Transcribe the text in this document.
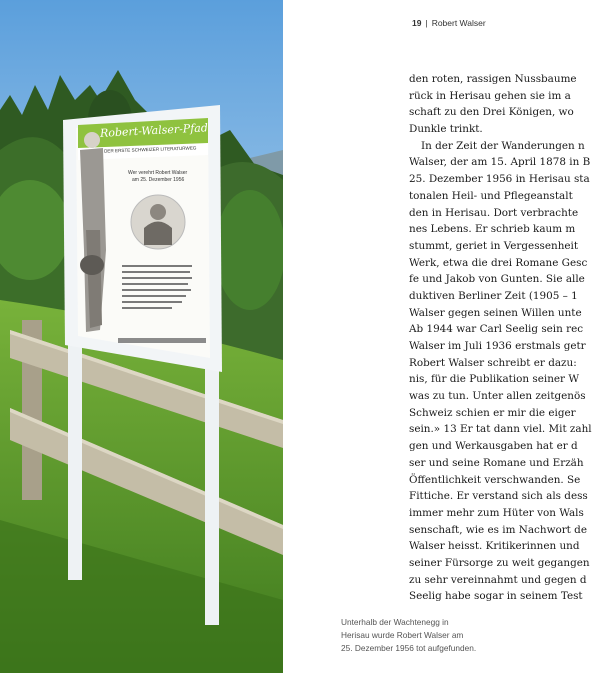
Robert-Walser-Pfad
DER ERSTE SCHWEIZER LITERATURWEG
Wer verehrt Robert Walser
am 25. Dezember 1956
19 | Robert Walser
den roten, rassigen Nussbaume
rück in Herisau gehen sie im a
schaft zu den Drei Königen, wo
Dunkle trinkt.
In der Zeit der Wanderungen n
Walser, der am 15. April 1878 in B
25. Dezember 1956 in Herisau sta
tonalen Heil- und Pflegeanstalt
den in Herisau. Dort verbrachte
nes Lebens. Er schrieb kaum m
stummt, geriet in Vergessenheit
Werk, etwa die drei Romane Gesc
fe und Jakob von Gunten. Sie alle
duktiven Berliner Zeit (1905 – 1
Walser gegen seinen Willen unte
Ab 1944 war Carl Seelig sein rec
Walser im Juli 1936 erstmals getr
Robert Walser schreibt er dazu:
nis, für die Publikation seiner W
was zu tun. Unter allen zeitgenös
Schweiz schien er mir die eiger
sein.» 13 Er tat dann viel. Mit zahl
gen und Werkausgaben hat er d
ser und seine Romane und Erzäh
Öffentlichkeit verschwanden. Se
Fittiche. Er verstand sich als dess
immer mehr zum Hüter von Wals
senschaft, wie es im Nachwort de
Walser heisst. Kritikerinnen und
seiner Fürsorge zu weit gegangen
zu sehr vereinnahmt und gegen d
Seelig habe sogar in seinem Test
Unterhalb der Wachtenegg in
Herisau wurde Robert Walser am
25. Dezember 1956 tot aufgefunden.
